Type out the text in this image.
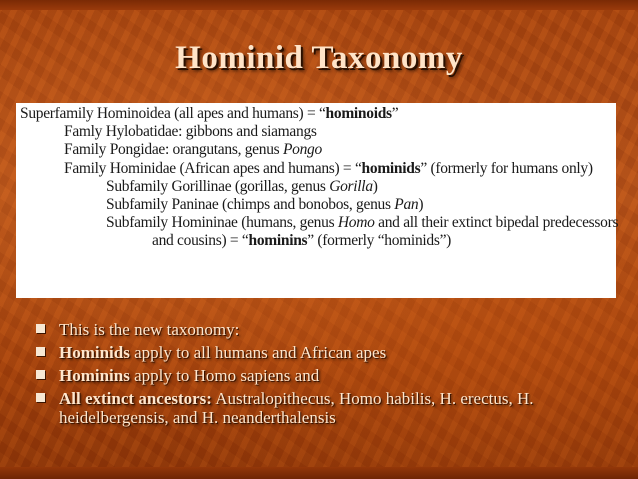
Hominid Taxonomy
Superfamily Hominoidea (all apes and humans) = “hominoids”
Famly Hylobatidae: gibbons and siamangs
Family Pongidae: orangutans, genus Pongo
Family Hominidae (African apes and humans) = “hominids” (formerly for humans only)
Subfamily Gorillinae (gorillas, genus Gorilla)
Subfamily Paninae (chimps and bonobos, genus Pan)
Subfamily Homininae (humans, genus Homo and all their extinct bipedal predecessors
and cousins) = “hominins” (formerly “hominids”)
This is the new taxonomy:
Hominids apply to all humans and African apes
Hominins apply to Homo sapiens and
All extinct ancestors: Australopithecus, Homo habilis, H. erectus, H. heidelbergensis, and H. neanderthalensis
